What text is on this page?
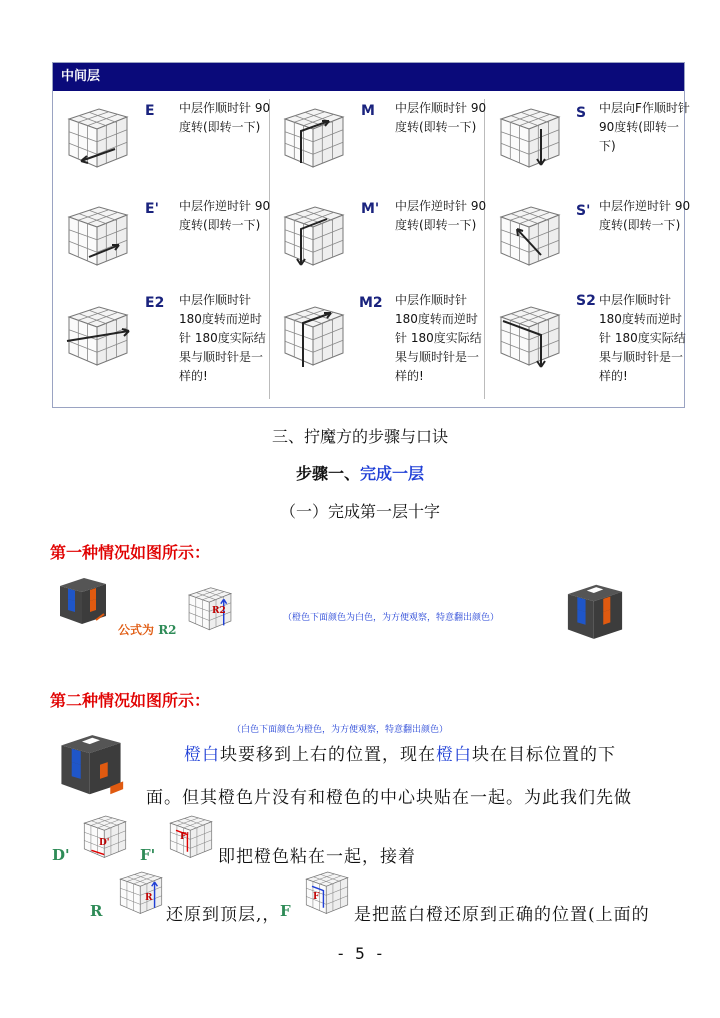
中间层
E 中层作顺时针 90 度转(即转一下)
M 中层作顺时针 90度转(即转一下)
S 中层向F作顺时针 90度转(即转一下)
E' 中层作逆时针 90度转(即转一下)
M' 中层作逆时针 90度转(即转一下)
S' 中层作逆时针 90度转(即转一下)
E2 中层作顺时针 180度转而逆时针 180度实际结果与顺时针是一样的!
M2 中层作顺时针 180度转而逆时针 180度实际结果与顺时针是一样的!
S2 中层作顺时针 180度转而逆时针 180度实际结果与顺时针是一样的!
三、拧魔方的步骤与口诀
步骤一、完成一层
（一）完成第一层十字
第一种情况如图所示：
公式为 R2
R2
（橙色下面颜色为白色，为方便观察，特意翻出颜色）
第二种情况如图所示：
（白色下面颜色为橙色，为方便观察，特意翻出颜色）
橙白块要移到上右的位置，现在橙白块在目标位置的下
面。但其橙色片没有和橙色的中心块贴在一起。为此我们先做
D'
D'
F'
F'
即把橙色粘在一起，接着
R
R
还原到顶层,， F
F
是把蓝白橙还原到正确的位置(上面的
- 5 -
